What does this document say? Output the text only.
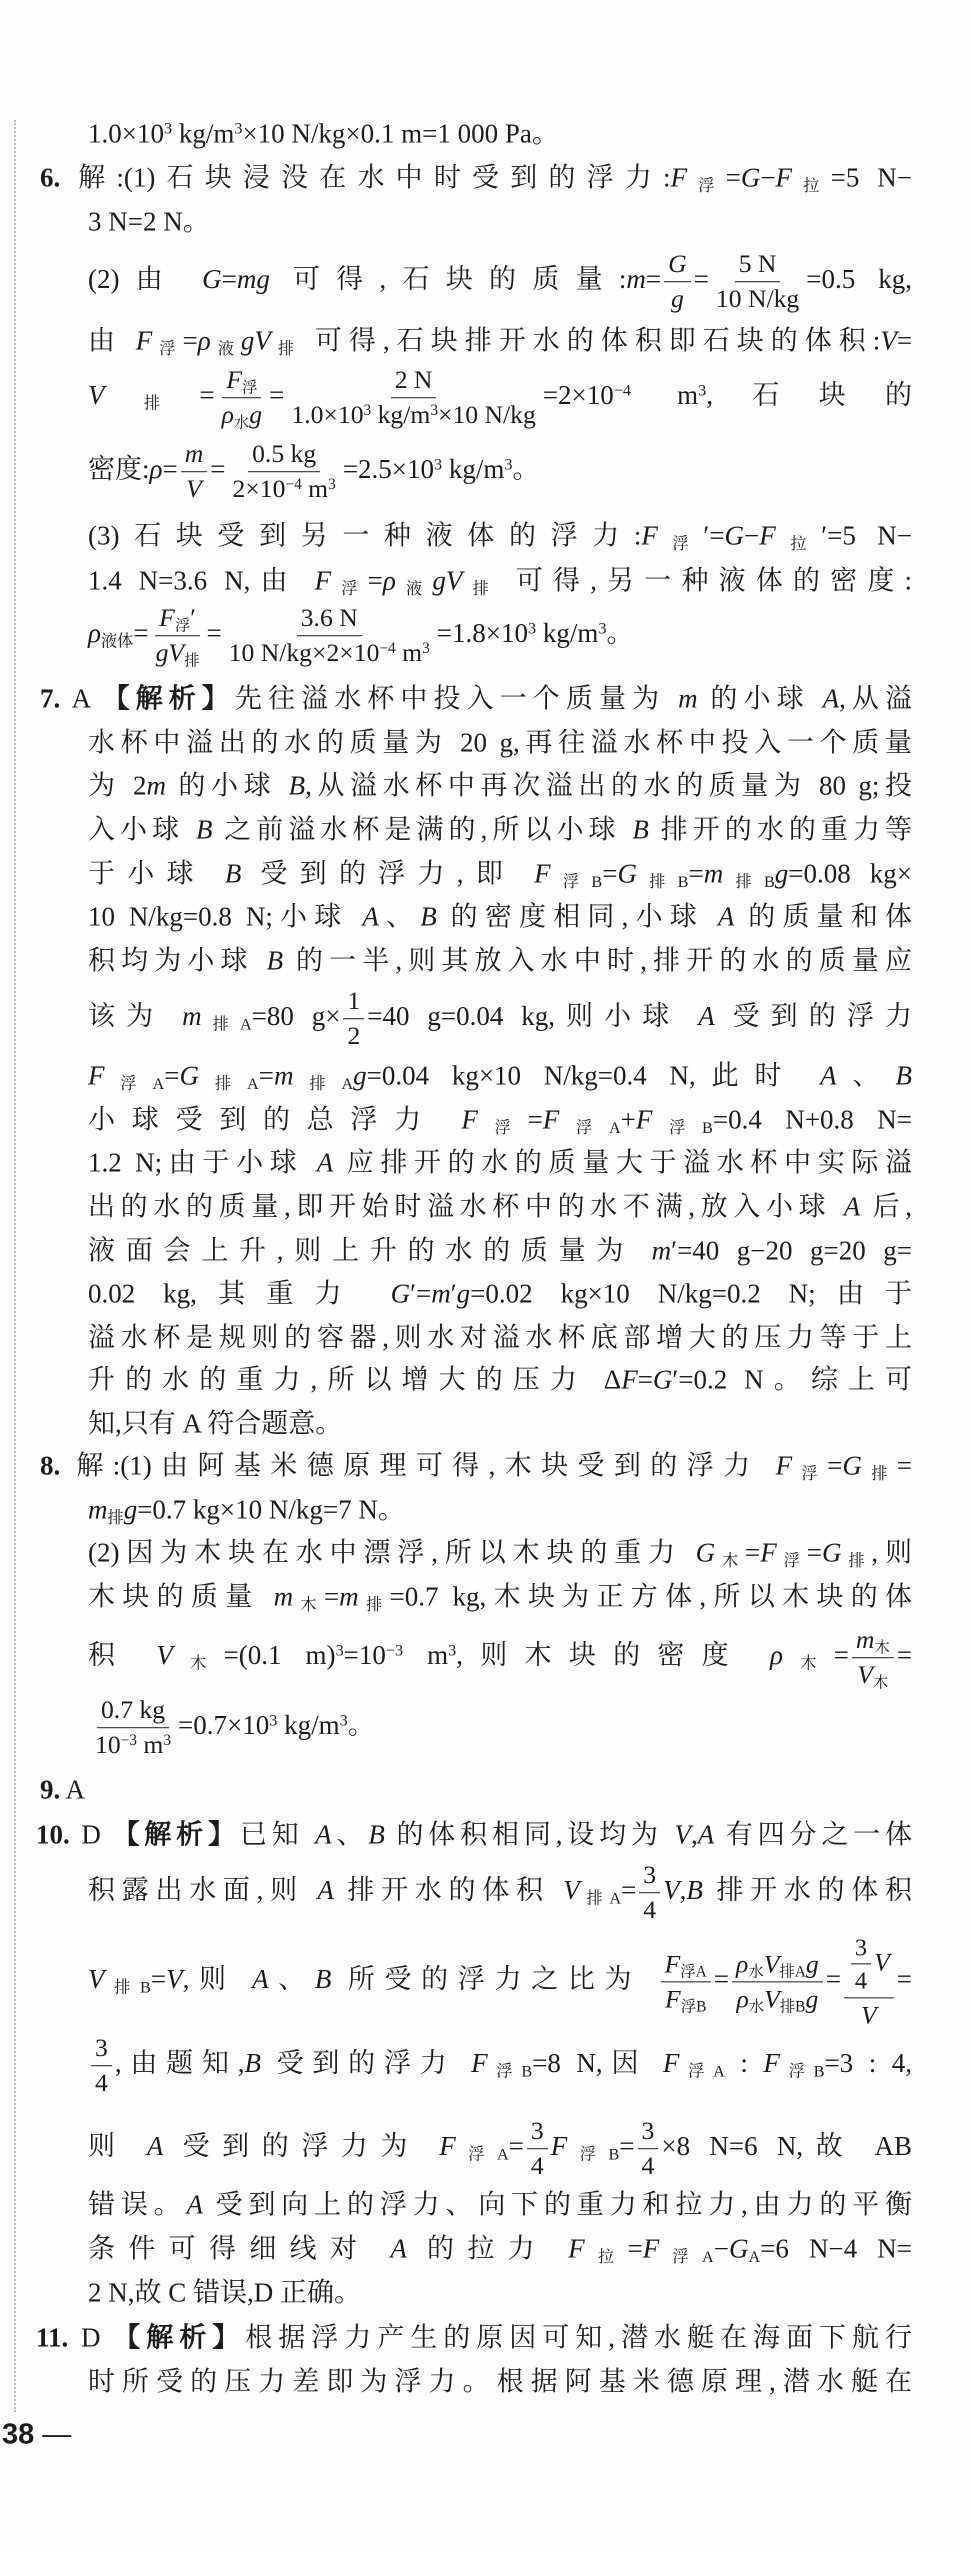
$1.0\times 10^3$ $kg/m^3\times 10$ N/kg×0.1 m=1 000 Pa。
6. 解:(1)石块浸没在水中时受到的浮力$:F_浮=G-F_拉=5$ N−
3 N=2 N。
(2)由 G=mg 可得,石块的质量:m= $\frac{G}{g} = \frac{5 N}{10 N/kg} =0.5$ kg,
由 $F_浮=\rho_液gV_排$ 可得,石块排开水的体积即石块的体积:V=
$V_排= \frac{F_浮}{\rho_水g} = \frac{2 N}{1.0\times 10^3 kg/m^3\times 10 N/kg} =2\times 10^{-4}$ $m^3$,石块的
密度:ρ= $\frac{m}{V} = \frac{0.5 kg}{2\times 10^{-4} m^3} =2.5\times 10^3$ $kg/m^3$。
(3)石块受到另一种液体的浮力$:F_浮'=G-F_拉'=5$ N−
1.4 N=3.6 N,由 $F_浮=\rho_液gV_排$ 可得,另一种液体的密度:
$\rho_{液体}= \frac{F_浮'}{gV_排} = \frac{3.6 N}{10 N/kg\times 2\times 10^{-4} m^3} =1.8\times 10^3$ $kg/m^3$。
7. A 【解析】先往溢水杯中投入一个质量为 m 的小球 A,从溢
水杯中溢出的水的质量为 20 g,再往溢水杯中投入一个质量
为 2m 的小球 B,从溢水杯中再次溢出的水的质量为 80 g;投
入小球 B 之前溢水杯是满的,所以小球 B 排开的水的重力等
于小球 B 受到的浮力,即 $F_{浮B}=G_{排B}=m_{排B}g=0.08$ kg×
10 N/kg=0.8 N;小球 A、B 的密度相同,小球 A 的质量和体
积均为小球 B 的一半,则其放入水中时,排开的水的质量应
该为 $m_{排A}=80$ $g\times \frac{1}{2} =40$ g=0.04 kg,则小球 A 受到的浮力
$F_{浮A}=G_{排A}=m_{排A}g=0.04$ kg×10 N/kg=0.4 N,此时 A、B
小球受到的总浮力 $F_浮=F_{浮A}+F_{浮B}=0.4$ N+0.8 N=
1.2 N;由于小球 A 应排开的水的质量大于溢水杯中实际溢
出的水的质量,即开始时溢水杯中的水不满,放入小球 A 后,
液面会上升,则上升的水的质量为 m′=40 g−20 g=20 g=
0.02 kg,其重力 G′=m′g=0.02 kg×10 N/kg=0.2 N;由于
溢水杯是规则的容器,则水对溢水杯底部增大的压力等于上
升的水的重力,所以增大的压力 ΔF=G′=0.2 N。综上可
知,只有 A 符合题意。
8. 解:(1)由阿基米德原理可得,木块受到的浮力 $F_浮=G_排=$
$m_排g=0.7$ kg×10 N/kg=7 N。
(2)因为木块在水中漂浮,所以木块的重力 $G_木=F_浮=G_排$,则
木块的质量 $m_木=m_排=0.7$ kg,木块为正方体,所以木块的体
积 $V_木=(0.1$ $m)^3=10^{-3}$ $m^3$,则木块的密度 $\rho_木= \frac{m_木}{V_木}$ =
$\frac{0.7 kg}{10^{-3} m^3} =0.7\times 10^3$ $kg/m^3$。
9. A
10. D 【解析】已知 A、B 的体积相同,设均为 V,A 有四分之一体
积露出水面,则 A 排开水的体积 $V_{排A}= \frac{3}{4} V,B$ 排开水的体积
$V_{排B}=V$,则 A、B 所受的浮力之比为 $\frac{F_{浮A}}{F_{浮B}} = \frac{\rho_水V_{排A}g}{\rho_水V_{排B}g} = \frac{\frac{3}{4} V}{V}$ =
$\frac{3}{4}$ ,由题知,B 受到的浮力 $F_{浮B}=8$ N,因 $F_{浮A}$ : $F_{浮B}=3$ : 4,
则 A 受到的浮力为 $F_{浮A}= \frac{3}{4} F_{浮B}= \frac{3}{4} \times 8$ N=6 N,故 AB
错误。A 受到向上的浮力、向下的重力和拉力,由力的平衡
条件可得细线对 A 的拉力 $F_拉=F_{浮A}-G_A=6$ N−4 N=
2 N,故 C 错误,D 正确。
11. D 【解析】根据浮力产生的原因可知,潜水艇在海面下航行
时所受的压力差即为浮力。根据阿基米德原理,潜水艇在
38 —
